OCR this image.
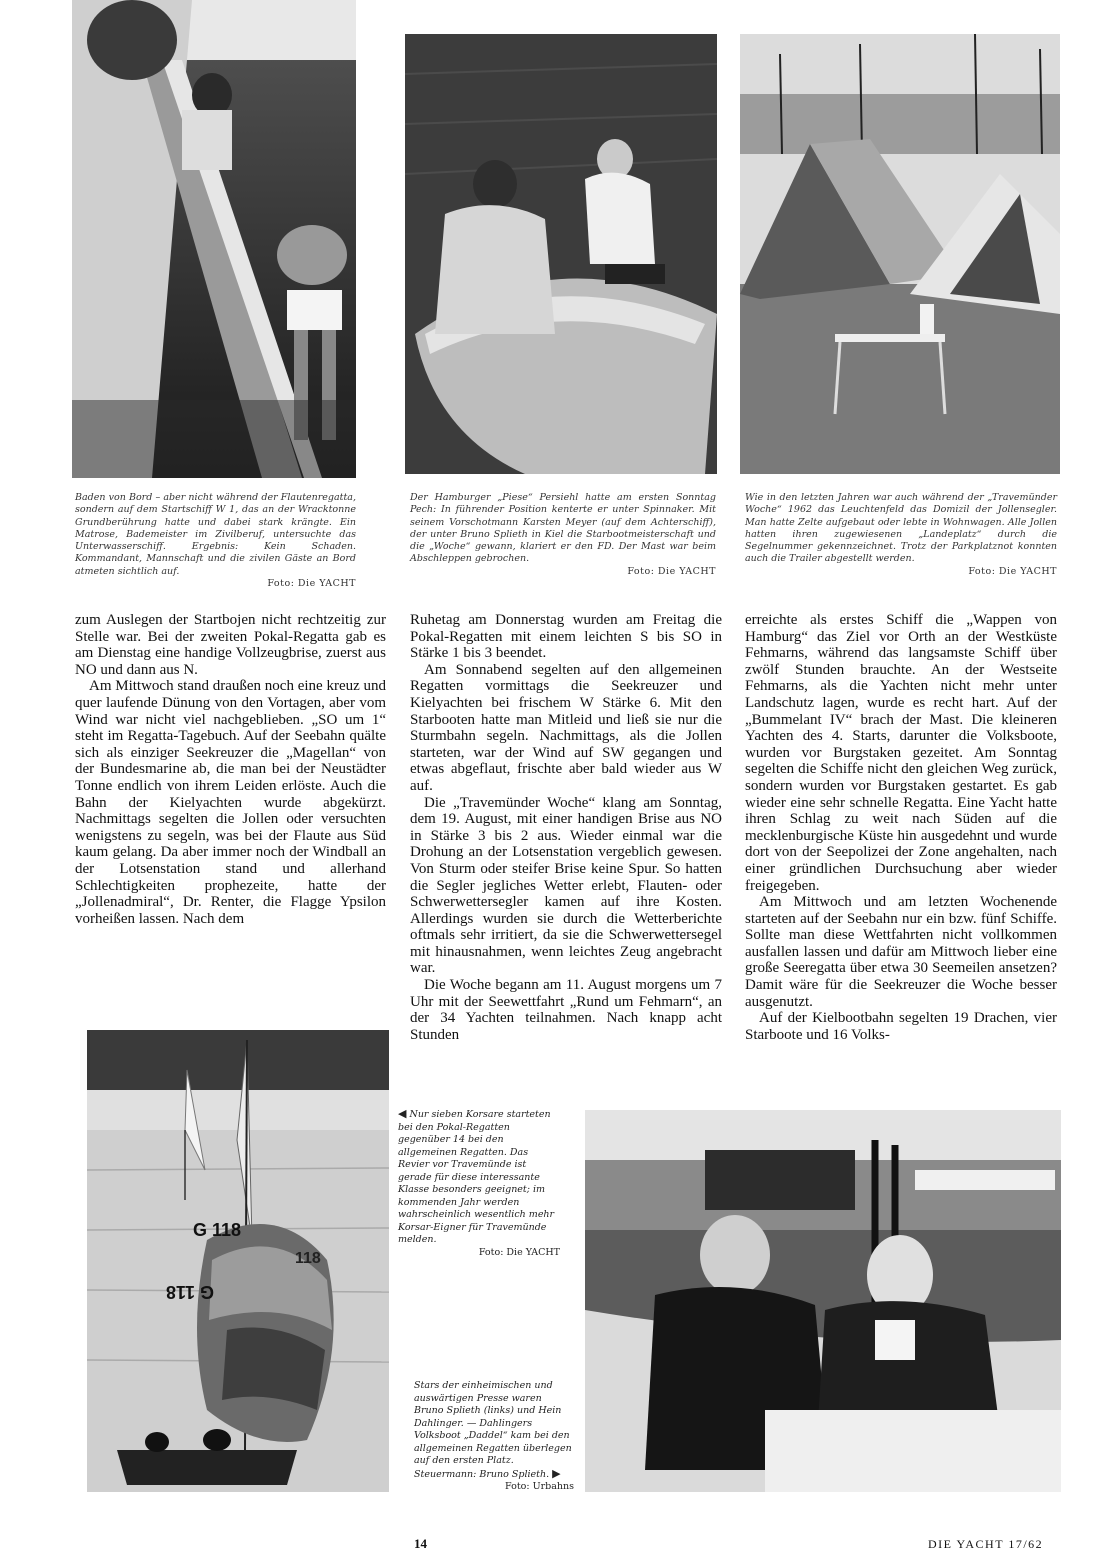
Baden von Bord – aber nicht während der Flautenregatta, sondern auf dem Startschiff W 1, das an der Wracktonne Grundberührung hatte und dabei stark krängte. Ein Matrose, Bademeister im Zivilberuf, untersuchte das Unterwasserschiff. Ergebnis: Kein Schaden. Kommandant, Mannschaft und die zivilen Gäste an Bord atmeten sichtlich auf.
Foto: Die YACHT
Der Hamburger „Piese“ Persiehl hatte am ersten Sonntag Pech: In führender Position kenterte er unter Spinnaker. Mit seinem Vorschotmann Karsten Meyer (auf dem Achterschiff), der unter Bruno Splieth in Kiel die Starbootmeisterschaft und die „Woche“ gewann, klariert er den FD. Der Mast war beim Abschleppen gebrochen.
Foto: Die YACHT
Wie in den letzten Jahren war auch während der „Travemünder Woche“ 1962 das Leuchtenfeld das Domizil der Jollensegler. Man hatte Zelte aufgebaut oder lebte in Wohnwagen. Alle Jollen hatten ihren zugewiesenen „Landeplatz“ durch die Segelnummer gekennzeichnet. Trotz der Parkplatznot konnten auch die Trailer abgestellt werden.
Foto: Die YACHT

zum Auslegen der Startbojen nicht rechtzeitig zur Stelle war. Bei der zweiten Pokal-Regatta gab es am Dienstag eine handige Vollzeugbrise, zuerst aus NO und dann aus N.

Am Mittwoch stand draußen noch eine kreuz und quer laufende Dünung von den Vortagen, aber vom Wind war nicht viel nachgeblieben. „SO um 1“ steht im Regatta-Tagebuch. Auf der Seebahn quälte sich als einziger Seekreuzer die „Magellan“ von der Bundesmarine ab, die man bei der Neustädter Tonne endlich von ihrem Leiden erlöste. Auch die Bahn der Kielyachten wurde abgekürzt. Nachmittags segelten die Jollen oder versuchten wenigstens zu segeln, was bei der Flaute aus Süd kaum gelang. Da aber immer noch der Windball an der Lotsenstation stand und allerhand Schlechtigkeiten prophezeite, hatte der „Jollenadmiral“, Dr. Renter, die Flagge Ypsilon vorheißen lassen. Nach dem

Ruhetag am Donnerstag wurden am Freitag die Pokal-Regatten mit einem leichten S bis SO in Stärke 1 bis 3 beendet.

Am Sonnabend segelten auf den allgemeinen Regatten vormittags die Seekreuzer und Kielyachten bei frischem W Stärke 6. Mit den Starbooten hatte man Mitleid und ließ sie nur die Sturmbahn segeln. Nachmittags, als die Jollen starteten, war der Wind auf SW gegangen und etwas abgeflaut, frischte aber bald wieder aus W auf.

Die „Travemünder Woche“ klang am Sonntag, dem 19. August, mit einer handigen Brise aus NO in Stärke 3 bis 2 aus. Wieder einmal war die Drohung an der Lotsenstation vergeblich gewesen. Von Sturm oder steifer Brise keine Spur. So hatten die Segler jegliches Wetter erlebt, Flauten- oder Schwerwettersegler kamen auf ihre Kosten. Allerdings wurden sie durch die Wetterberichte oftmals sehr irritiert, da sie die Schwerwettersegel mit hinausnahmen, wenn leichtes Zeug angebracht war.

Die Woche begann am 11. August morgens um 7 Uhr mit der Seewettfahrt „Rund um Fehmarn“, an der 34 Yachten teilnahmen. Nach knapp acht Stunden

erreichte als erstes Schiff die „Wappen von Hamburg“ das Ziel vor Orth an der Westküste Fehmarns, während das langsamste Schiff über zwölf Stunden brauchte. An der Westseite Fehmarns, als die Yachten nicht mehr unter Landschutz lagen, wurde es recht hart. Auf der „Bummelant IV“ brach der Mast. Die kleineren Yachten des 4. Starts, darunter die Volksboote, wurden vor Burgstaken gezeitet. Am Sonntag segelten die Schiffe nicht den gleichen Weg zurück, sondern wurden vor Burgstaken gestartet. Es gab wieder eine sehr schnelle Regatta. Eine Yacht hatte ihren Schlag zu weit nach Süden auf die mecklenburgische Küste hin ausgedehnt und wurde dort von der Seepolizei der Zone angehalten, nach einer gründlichen Durchsuchung aber wieder freigegeben.

Am Mittwoch und am letzten Wochenende starteten auf der Seebahn nur ein bzw. fünf Schiffe. Sollte man diese Wettfahrten nicht vollkommen ausfallen lassen und dafür am Mittwoch lieber eine große Seeregatta über etwa 30 Seemeilen ansetzen? Damit wäre für die Seekreuzer die Woche besser ausgenutzt.

Auf der Kielbootbahn segelten 19 Drachen, vier Starboote und 16 Volks-

G 118
118
G 118
◀ Nur sieben Korsare starteten bei den Pokal-Regatten gegenüber 14 bei den allgemeinen Regatten. Das Revier vor Travemünde ist gerade für diese interessante Klasse besonders geeignet; im kommenden Jahr werden wahrscheinlich wesentlich mehr Korsar-Eigner für Travemünde melden.
Foto: Die YACHT
Stars der einheimischen und auswärtigen Presse waren Bruno Splieth (links) und Hein Dahlinger. — Dahlingers Volksboot „Daddel“ kam bei den allgemeinen Regatten überlegen auf den ersten Platz. Steuermann: Bruno Splieth. ▶
Foto: Urbahns
14	DIE YACHT 17/62
